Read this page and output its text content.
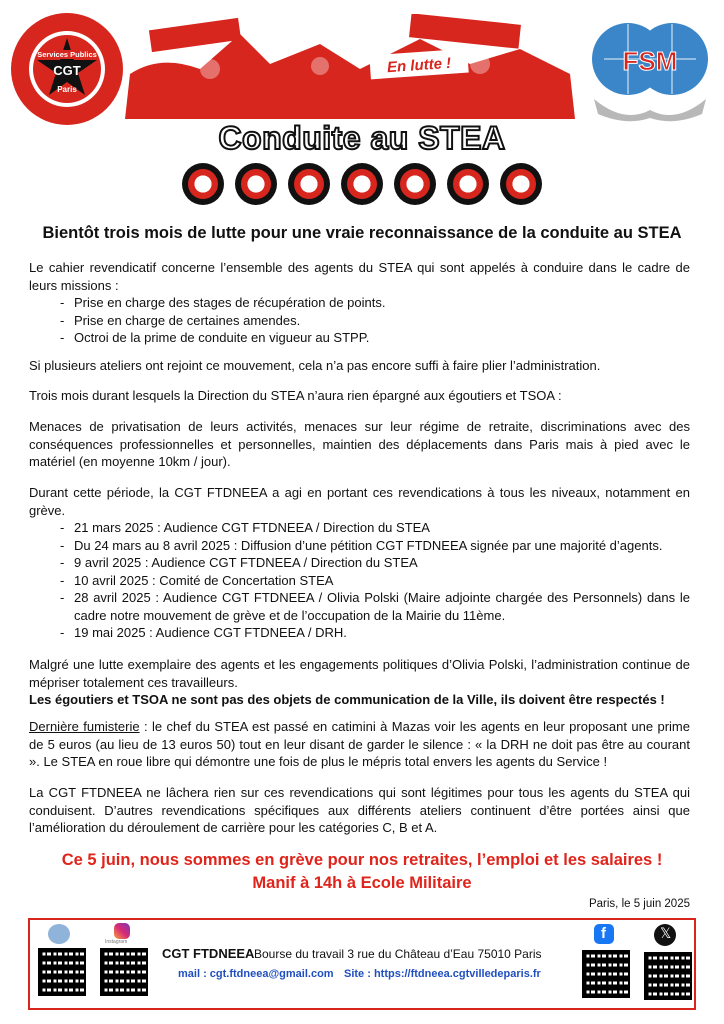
Services Publics
CGT
Paris
En lutte !	FSM
Conduite au STEA
Bientôt trois mois de lutte pour une vraie reconnaissance de la conduite au STEA

Le cahier revendicatif concerne l’ensemble des agents du STEA qui sont appelés à conduire dans le cadre de leurs missions :

- Prise en charge des stages de récupération de points.
- Prise en charge de certaines amendes.
- Octroi de la prime de conduite en vigueur au STPP.

Si plusieurs ateliers ont rejoint ce mouvement, cela n’a pas encore suffi à faire plier l’administration.

Trois mois durant lesquels la Direction du STEA n’aura rien épargné aux égoutiers et TSOA :

Menaces de privatisation de leurs activités, menaces sur leur régime de retraite, discriminations avec des conséquences professionnelles et personnelles, maintien des déplacements dans Paris mais à pied avec le matériel (en moyenne 10km / jour).

Durant cette période, la CGT FTDNEEA a agi en portant ces revendications à tous les niveaux, notamment en grève.

- 21 mars 2025 : Audience CGT FTDNEEA / Direction du STEA
- Du 24 mars au 8 avril 2025 : Diffusion d’une pétition CGT FTDNEEA signée par une majorité d’agents.
- 9 avril 2025 : Audience CGT FTDNEEA / Direction du STEA
- 10 avril 2025 : Comité de Concertation STEA
- 28 avril 2025 : Audience CGT FTDNEEA / Olivia Polski (Maire adjointe chargée des Personnels) dans le cadre notre mouvement de grève et de l’occupation de la Mairie du 11ème.
- 19 mai 2025 : Audience CGT FTDNEEA / DRH.

Malgré une lutte exemplaire des agents et les engagements politiques d’Olivia Polski, l’administration continue de mépriser totalement ces travailleurs.
Les égoutiers et TSOA ne sont pas des objets de communication de la Ville, ils doivent être respectés !

Dernière fumisterie : le chef du STEA est passé en catimini à Mazas voir les agents en leur proposant une prime de 5 euros (au lieu de 13 euros 50) tout en leur disant de garder le silence : « la DRH ne doit pas être au courant ». Le STEA en roue libre qui démontre une fois de plus le mépris total envers les agents du Service !

La CGT FTDNEEA ne lâchera rien sur ces revendications qui sont légitimes pour tous les agents du STEA qui conduisent. D’autres revendications spécifiques aux différents ateliers continuent d’être portées ainsi que l’amélioration du déroulement de carrière pour les catégories C, B et A.

Ce 5 juin, nous sommes en grève pour nos retraites, l’emploi et les salaires !
Manif à 14h à Ecole Militaire
Paris, le 5 juin 2025
Instagram
CGT FTDNEEA Bourse du travail 3 rue du Château d’Eau 75010 Paris
mail : cgt.ftdneea@gmail.com Site : https://ftdneea.cgtvilledeparis.fr
f	𝕏
